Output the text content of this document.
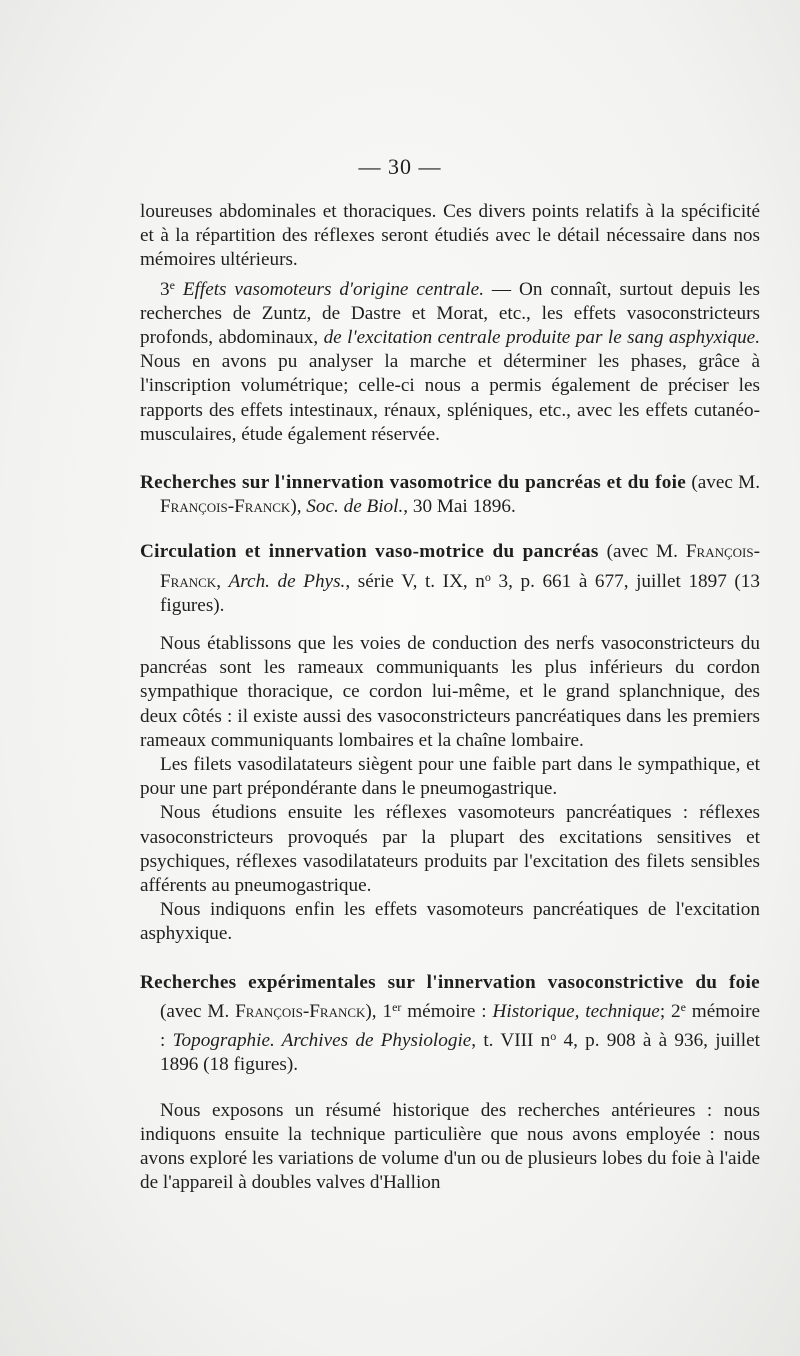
— 30 —

loureuses abdominales et thoraciques. Ces divers points relatifs à la spécificité et à la répartition des réflexes seront étudiés avec le détail nécessaire dans nos mémoires ultérieurs.

3e Effets vasomoteurs d'origine centrale. — On connaît, surtout depuis les recherches de Zuntz, de Dastre et Morat, etc., les effets vasoconstricteurs profonds, abdominaux, de l'excitation centrale produite par le sang asphyxique. Nous en avons pu analyser la marche et déterminer les phases, grâce à l'inscription volumétrique; celle-ci nous a permis également de préciser les rapports des effets intestinaux, rénaux, spléniques, etc., avec les effets cutanéo-musculaires, étude également réservée.

Recherches sur l'innervation vasomotrice du pancréas et du foie (avec M. François-Franck), Soc. de Biol., 30 Mai 1896.

Circulation et innervation vaso-motrice du pancréas (avec M. François-Franck, Arch. de Phys., série V, t. IX, $n^o$ 3, p. 661 à 677, juillet 1897 (13 figures).

Nous établissons que les voies de conduction des nerfs vasoconstricteurs du pancréas sont les rameaux communiquants les plus inférieurs du cordon sympathique thoracique, ce cordon lui-même, et le grand splanchnique, des deux côtés : il existe aussi des vasoconstricteurs pancréatiques dans les premiers rameaux communiquants lombaires et la chaîne lombaire.

Les filets vasodilatateurs siègent pour une faible part dans le sympathique, et pour une part prépondérante dans le pneumogastrique.

Nous étudions ensuite les réflexes vasomoteurs pancréatiques : réflexes vasoconstricteurs provoqués par la plupart des excitations sensitives et psychiques, réflexes vasodilatateurs produits par l'excitation des filets sensibles afférents au pneumogastrique.

Nous indiquons enfin les effets vasomoteurs pancréatiques de l'excitation asphyxique.

Recherches expérimentales sur l'innervation vasoconstrictive du foie (avec M. François-Franck), 1er mémoire : Historique, technique; 2e mémoire : Topographie. Archives de Physiologie, t. VIII $n^o$ 4, p. 908 à à 936, juillet 1896 (18 figures).

Nous exposons un résumé historique des recherches antérieures : nous indiquons ensuite la technique particulière que nous avons employée : nous avons exploré les variations de volume d'un ou de plusieurs lobes du foie à l'aide de l'appareil à doubles valves d'Hallion
